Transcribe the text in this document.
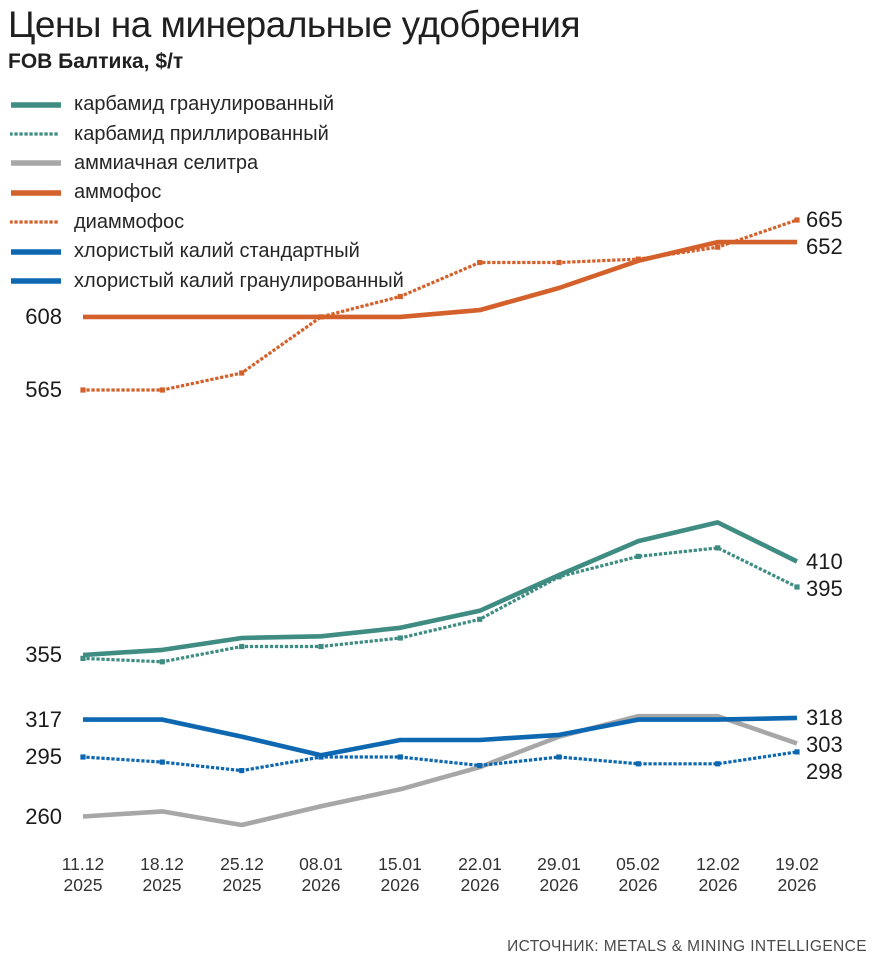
Цены на минеральные удобрения
FOB Балтика, $/т
карбамид гранулированный
карбамид приллированный
аммиачная селитра
аммофос
диаммофос
хлористый калий стандартный
хлористый калий гранулированный
355
260
608
565
295
317
665
652
410
395
318
303
298
11.12
2025
18.12
2025
25.12
2025
08.01
2026
15.01
2026
22.01
2026
29.01
2026
05.02
2026
12.02
2026
19.02
2026
ИСТОЧНИК: METALS & MINING INTELLIGENCE
